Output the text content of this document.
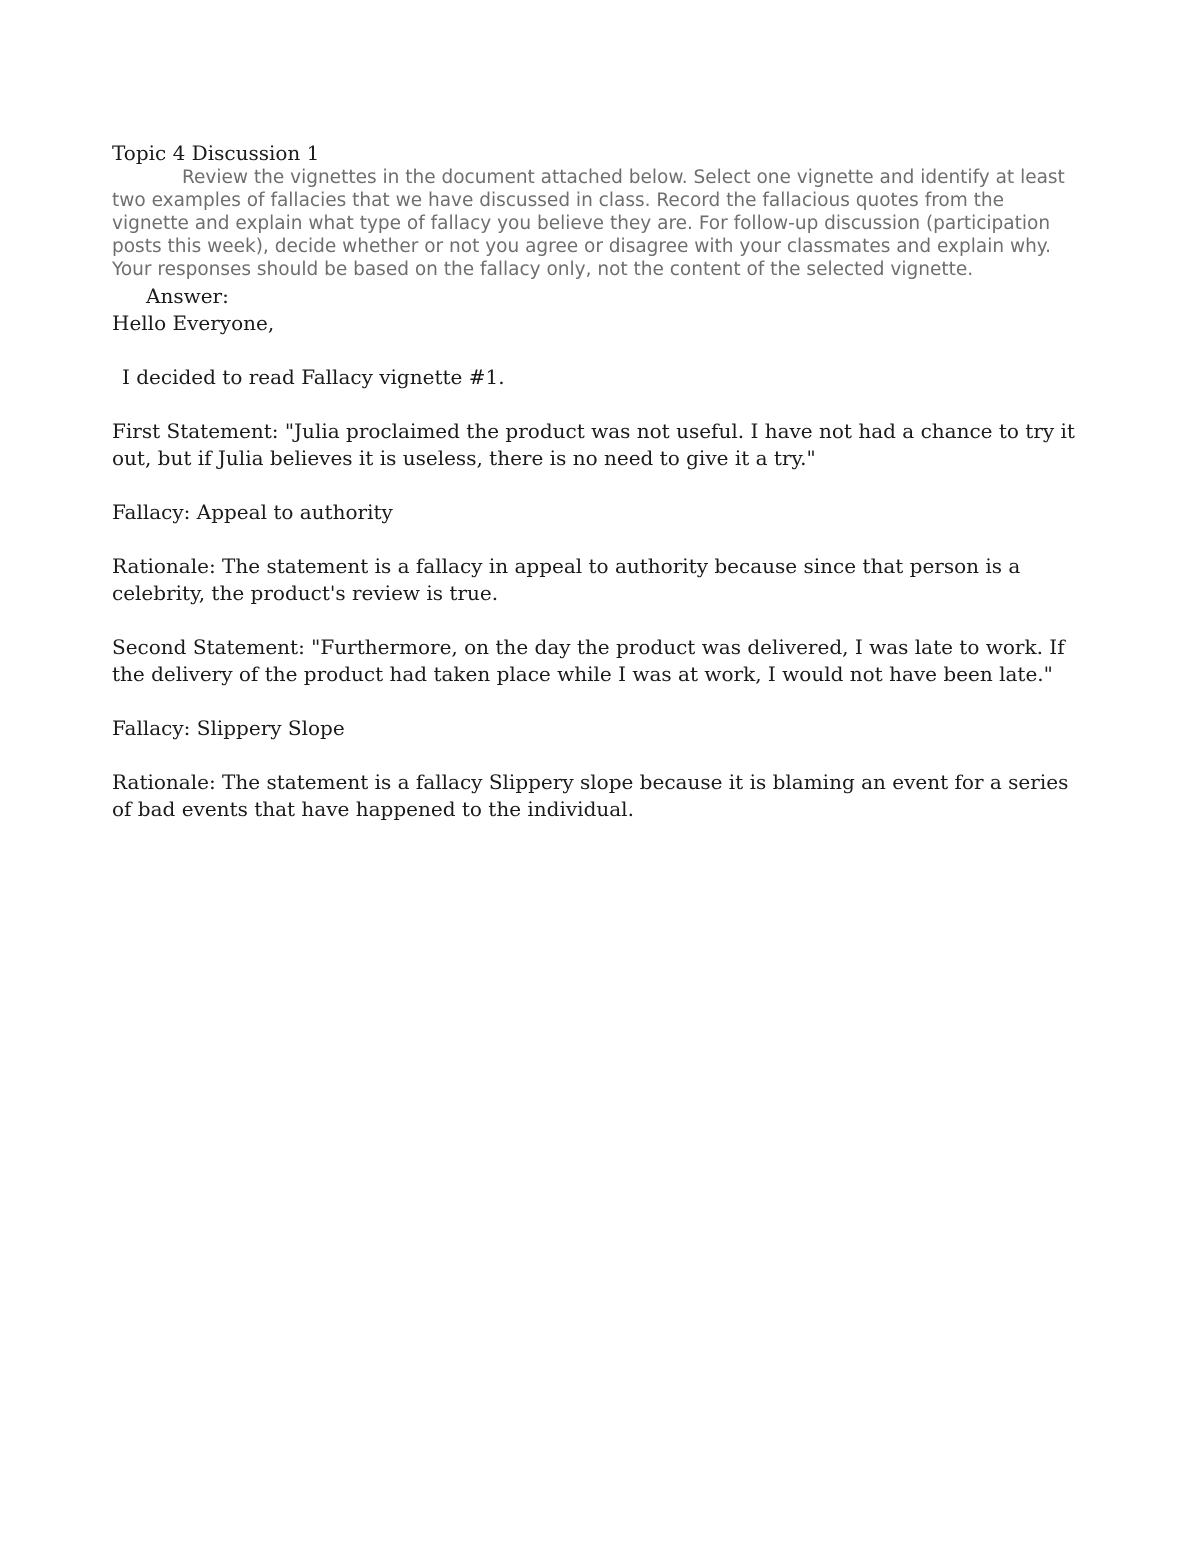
Topic 4 Discussion 1

Review the vignettes in the document attached below. Select one vignette and identify at least two examples of fallacies that we have discussed in class. Record the fallacious quotes from the vignette and explain what type of fallacy you believe they are. For follow-up discussion (participation posts this week), decide whether or not you agree or disagree with your classmates and explain why. Your responses should be based on the fallacy only, not the content of the selected vignette.

Answer:

Hello Everyone,

I decided to read Fallacy vignette #1.

First Statement: "Julia proclaimed the product was not useful. I have not had a chance to try it out, but if Julia believes it is useless, there is no need to give it a try."

Fallacy: Appeal to authority

Rationale: The statement is a fallacy in appeal to authority because since that person is a celebrity, the product's review is true.

Second Statement: "Furthermore, on the day the product was delivered, I was late to work. If the delivery of the product had taken place while I was at work, I would not have been late."

Fallacy: Slippery Slope

Rationale: The statement is a fallacy Slippery slope because it is blaming an event for a series of bad events that have happened to the individual.
